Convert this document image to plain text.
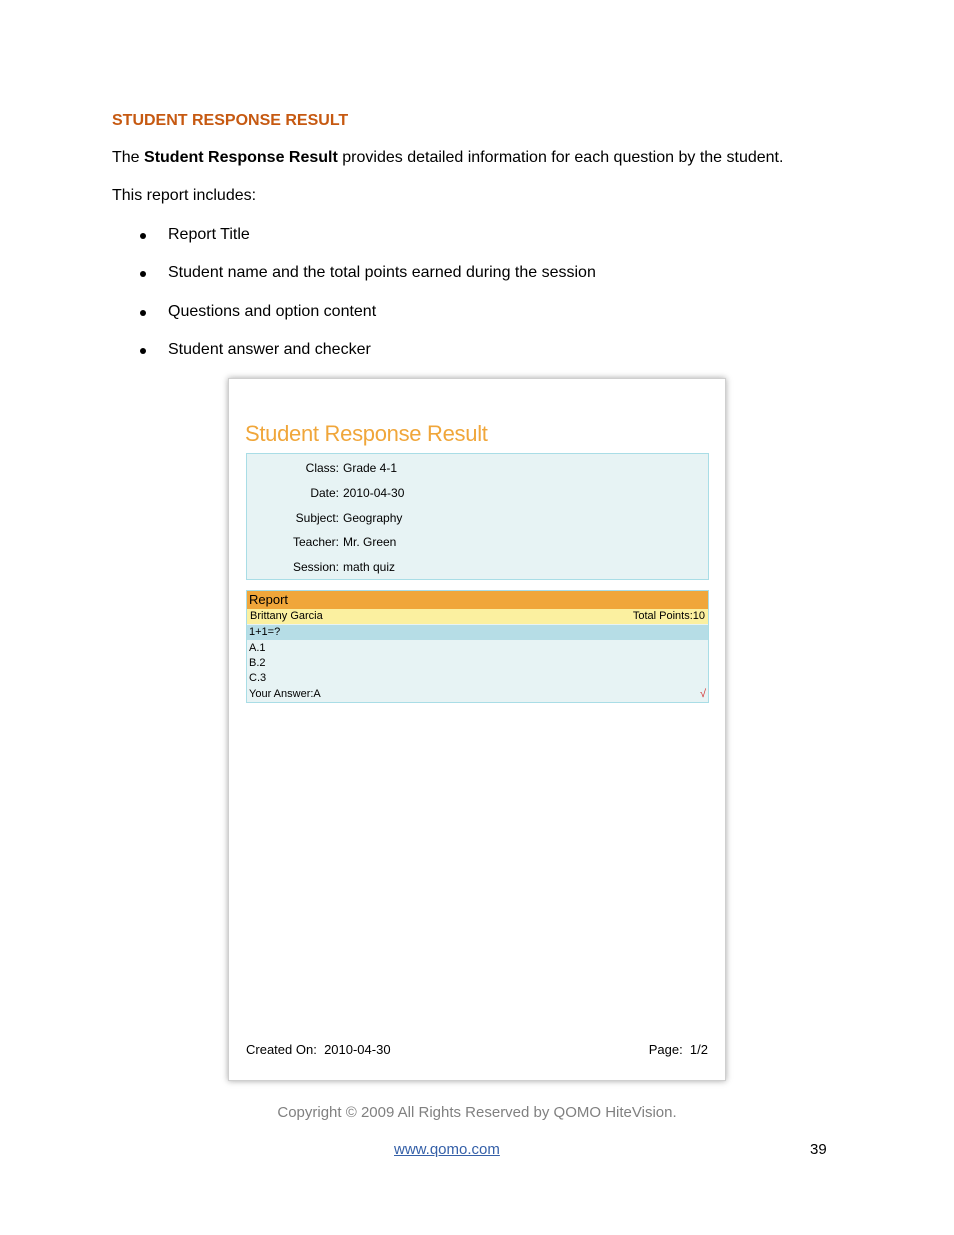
STUDENT RESPONSE RESULT
The Student Response Result provides detailed information for each question by the student.
This report includes:
Report Title
Student name and the total points earned during the session
Questions and option content
Student answer and checker
Student Response Result
Class: Grade 4-1
Date: 2010-04-30
Subject: Geography
Teacher: Mr. Green
Session: math quiz
Report
Brittany Garcia	Total Points:10
1+1=?
A.1
B.2
C.3
Your Answer:A	√
Created On: 2010-04-30	Page: 1/2
Copyright © 2009 All Rights Reserved by QOMO HiteVision.
www.qomo.com	39
